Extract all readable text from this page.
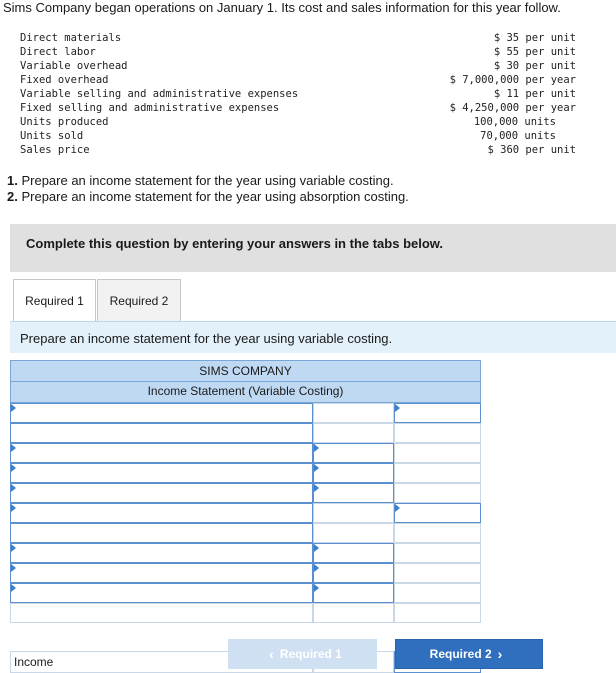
Sims Company began operations on January 1. Its cost and sales information for this year follow.
Direct materials	$ 35 per unit
Direct labor	$ 55 per unit
Variable overhead	$ 30 per unit
Fixed overhead	$ 7,000,000 per year
Variable selling and administrative expenses	$ 11 per unit
Fixed selling and administrative expenses	$ 4,250,000 per year
Units produced	100,000 units
Units sold	70,000 units
Sales price	$ 360 per unit
1. Prepare an income statement for the year using variable costing.
2. Prepare an income statement for the year using absorption costing.
Complete this question by entering your answers in the tabs below.
Required 1 Required 2
Prepare an income statement for the year using variable costing.
SIMS COMPANY
Income Statement (Variable Costing)
Income	‹ Required 1	Required 2 ›
